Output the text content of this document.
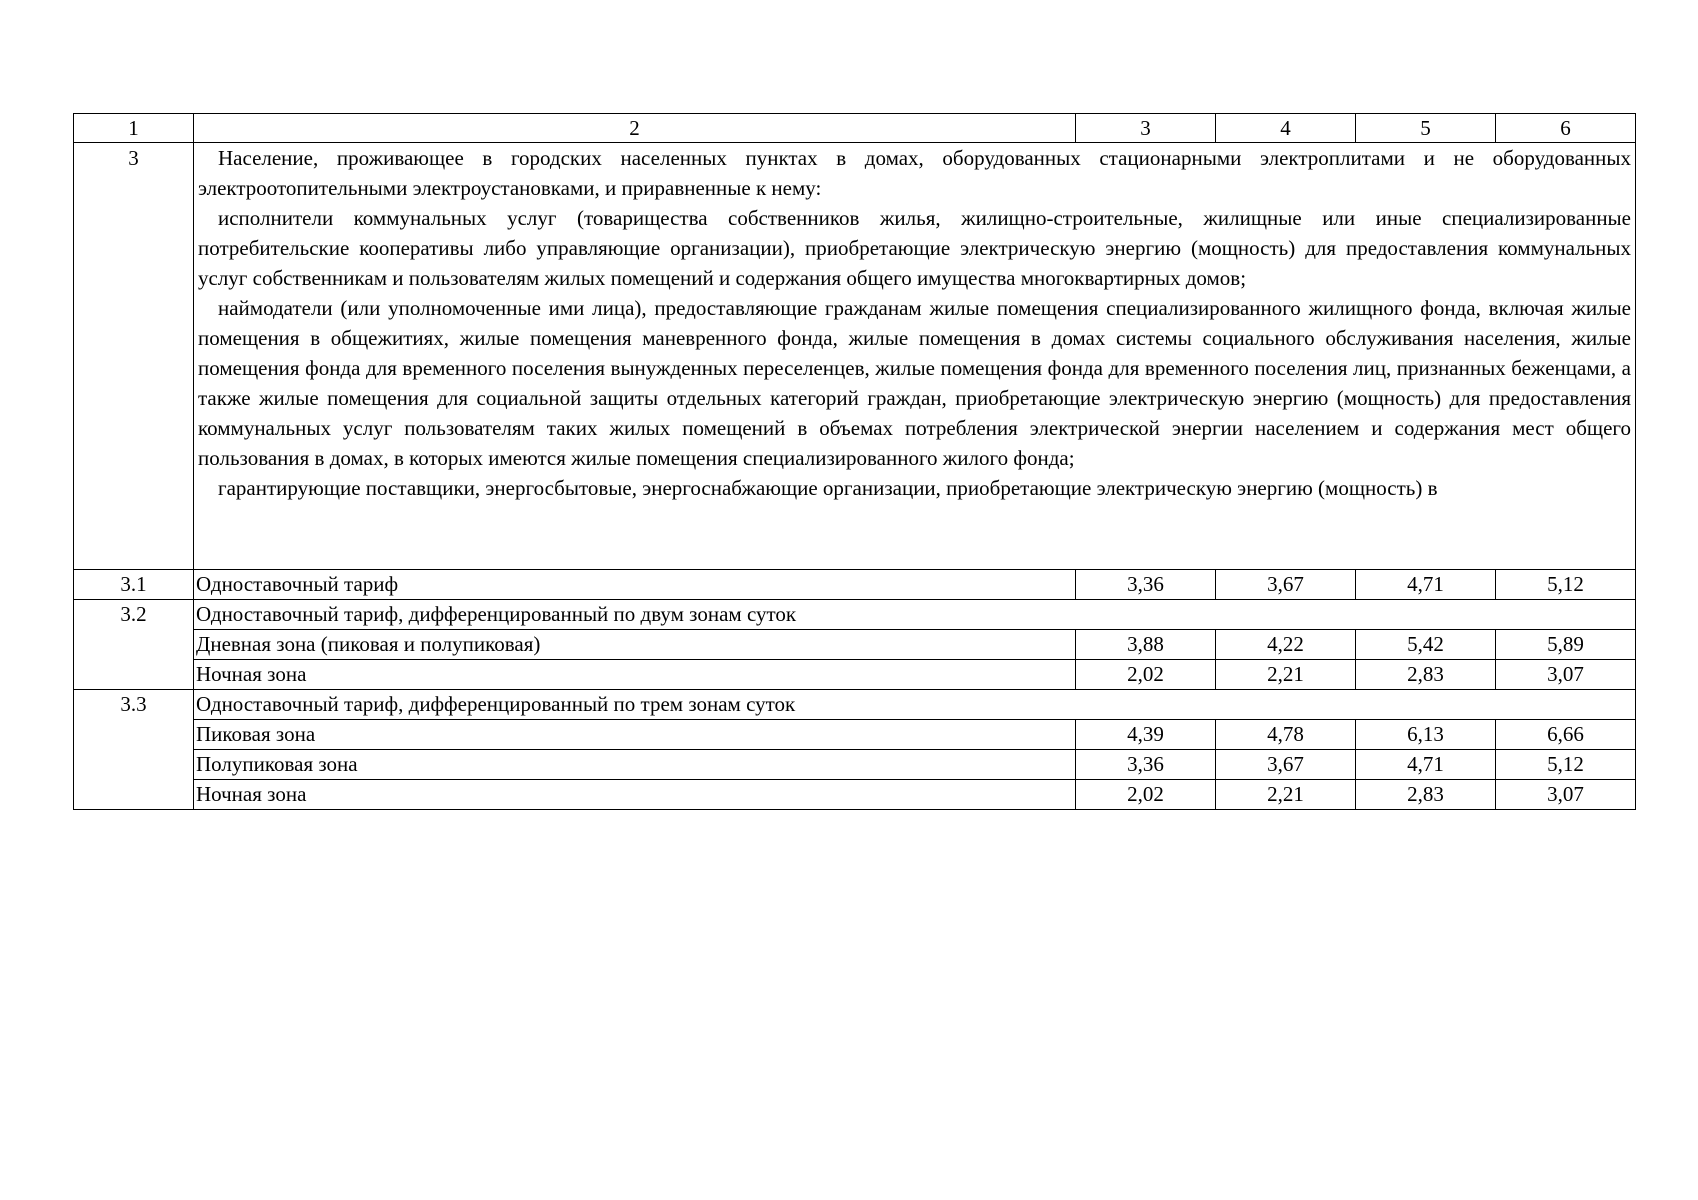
1	2	3	4	5	6
3	Население, проживающее в городских населенных пунктах в домах, оборудованных стационарными электроплитами и не оборудованных электроотопительными электроустановками, и приравненные к нему:

исполнители коммунальных услуг (товарищества собственников жилья, жилищно-строительные, жилищные или иные специализированные потребительские кооперативы либо управляющие организации), приобретающие электрическую энергию (мощность) для предоставления коммунальных услуг собственникам и пользователям жилых помещений и содержания общего имущества многоквартирных домов;

наймодатели (или уполномоченные ими лица), предоставляющие гражданам жилые помещения специализированного жилищного фонда, включая жилые помещения в общежитиях, жилые помещения маневренного фонда, жилые помещения в домах системы социального обслуживания населения, жилые помещения фонда для временного поселения вынужденных переселенцев, жилые помещения фонда для временного поселения лиц, признанных беженцами, а также жилые помещения для социальной защиты отдельных категорий граждан, приобретающие электрическую энергию (мощность) для предоставления коммунальных услуг пользователям таких жилых помещений в объемах потребления электрической энергии населением и содержания мест общего пользования в домах, в которых имеются жилые помещения специализированного жилого фонда;

гарантирующие поставщики, энергосбытовые, энергоснабжающие организации, приобретающие электрическую энергию (мощность) в				

3.1	Одноставочный тариф	3,36	3,67	4,71	5,12
3.2	Одноставочный тариф, дифференцированный по двум зонам суток				
	Дневная зона (пиковая и полупиковая)	3,88	4,22	5,42	5,89
	Ночная зона	2,02	2,21	2,83	3,07
3.3	Одноставочный тариф, дифференцированный по трем зонам суток				
	Пиковая зона	4,39	4,78	6,13	6,66
	Полупиковая зона	3,36	3,67	4,71	5,12
	Ночная зона	2,02	2,21	2,83	3,07
